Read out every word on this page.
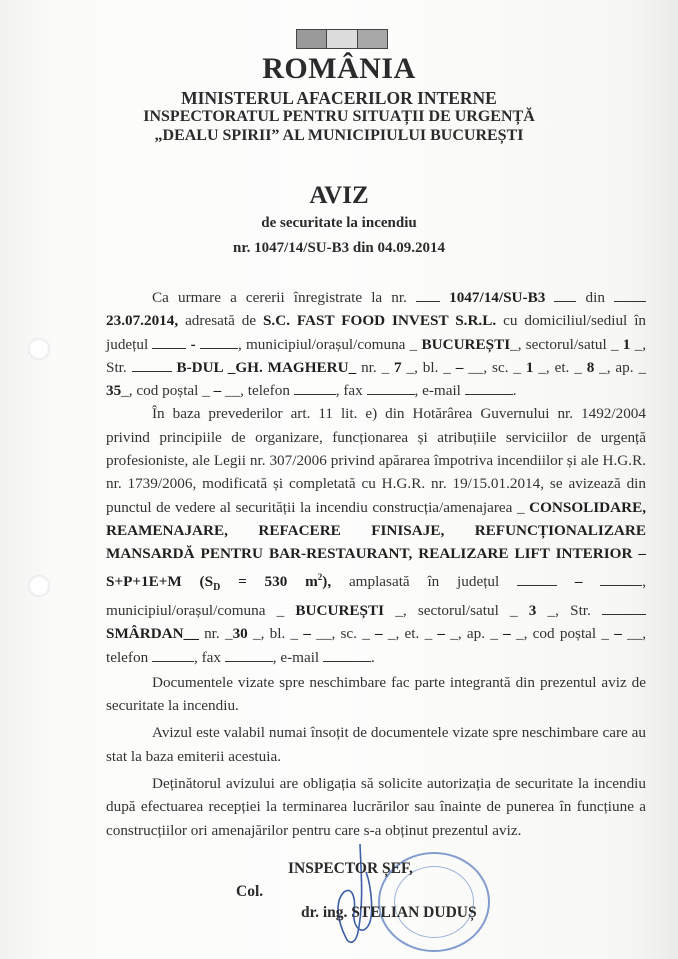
ROMÂNIA
MINISTERUL AFACERILOR INTERNE
INSPECTORATUL PENTRU SITUAȚII DE URGENȚĂ
„DEALU SPIRII” AL MUNICIPIULUI BUCUREȘTI
AVIZ
de securitate la incendiu
nr. 1047/14/SU-B3 din 04.09.2014

Ca urmare a cererii înregistrate la nr.	1047/14/SU-B3	din  23.07.2014, adresată de S.C. FAST FOOD INVEST S.R.L. cu domiciliul/sediul în județul	-	, municipiul/orașul/comuna _ BUCUREȘTI_, sectorul/satul _ 1 _, Str.	B-DUL _GH. MAGHERU_ nr. _ 7 _, bl. _ – __, sc. _ 1 _, et. _ 8 _, ap. _ 35_, cod poștal _ – __, telefon	, fax	, e-mail	.

În baza prevederilor art. 11 lit. e) din Hotărârea Guvernului nr. 1492/2004 privind principiile de organizare, funcționarea și atribuțiile serviciilor de urgență profesioniste, ale Legii nr. 307/2006 privind apărarea împotriva incendiilor și ale H.G.R. nr. 1739/2006, modificată și completată cu H.G.R. nr. 19/15.01.2014, se avizează din punctul de vedere al securității la incendiu construcția/amenajarea _ CONSOLIDARE, REAMENAJARE, REFACERE FINISAJE, REFUNCȚIONALIZARE MANSARDĂ PENTRU BAR-RESTAURANT, REALIZARE LIFT INTERIOR – S+P+1E+M ($S_D = 530$ $m^2$), amplasată în județul	–	, municipiul/orașul/comuna _ BUCUREȘTI _, sectorul/satul _ 3 _, Str.  SMÂRDAN__ nr. _30 _, bl. _ – __, sc. _ – _, et. _ – _, ap. _ – _, cod poștal _ – __, telefon	, fax	, e-mail	.

Documentele vizate spre neschimbare fac parte integrantă din prezentul aviz de securitate la incendiu.

Avizul este valabil numai însoțit de documentele vizate spre neschimbare care au stat la baza emiterii acestuia.

Deținătorul avizului are obligația să solicite autorizația de securitate la incendiu după efectuarea recepției la terminarea lucrărilor sau înainte de punerea în funcțiune a construcțiilor ori amenajărilor pentru care s-a obținut prezentul aviz.

INSPECTOR ȘEF,
Col.
dr. ing. STELIAN DUDUȘ
